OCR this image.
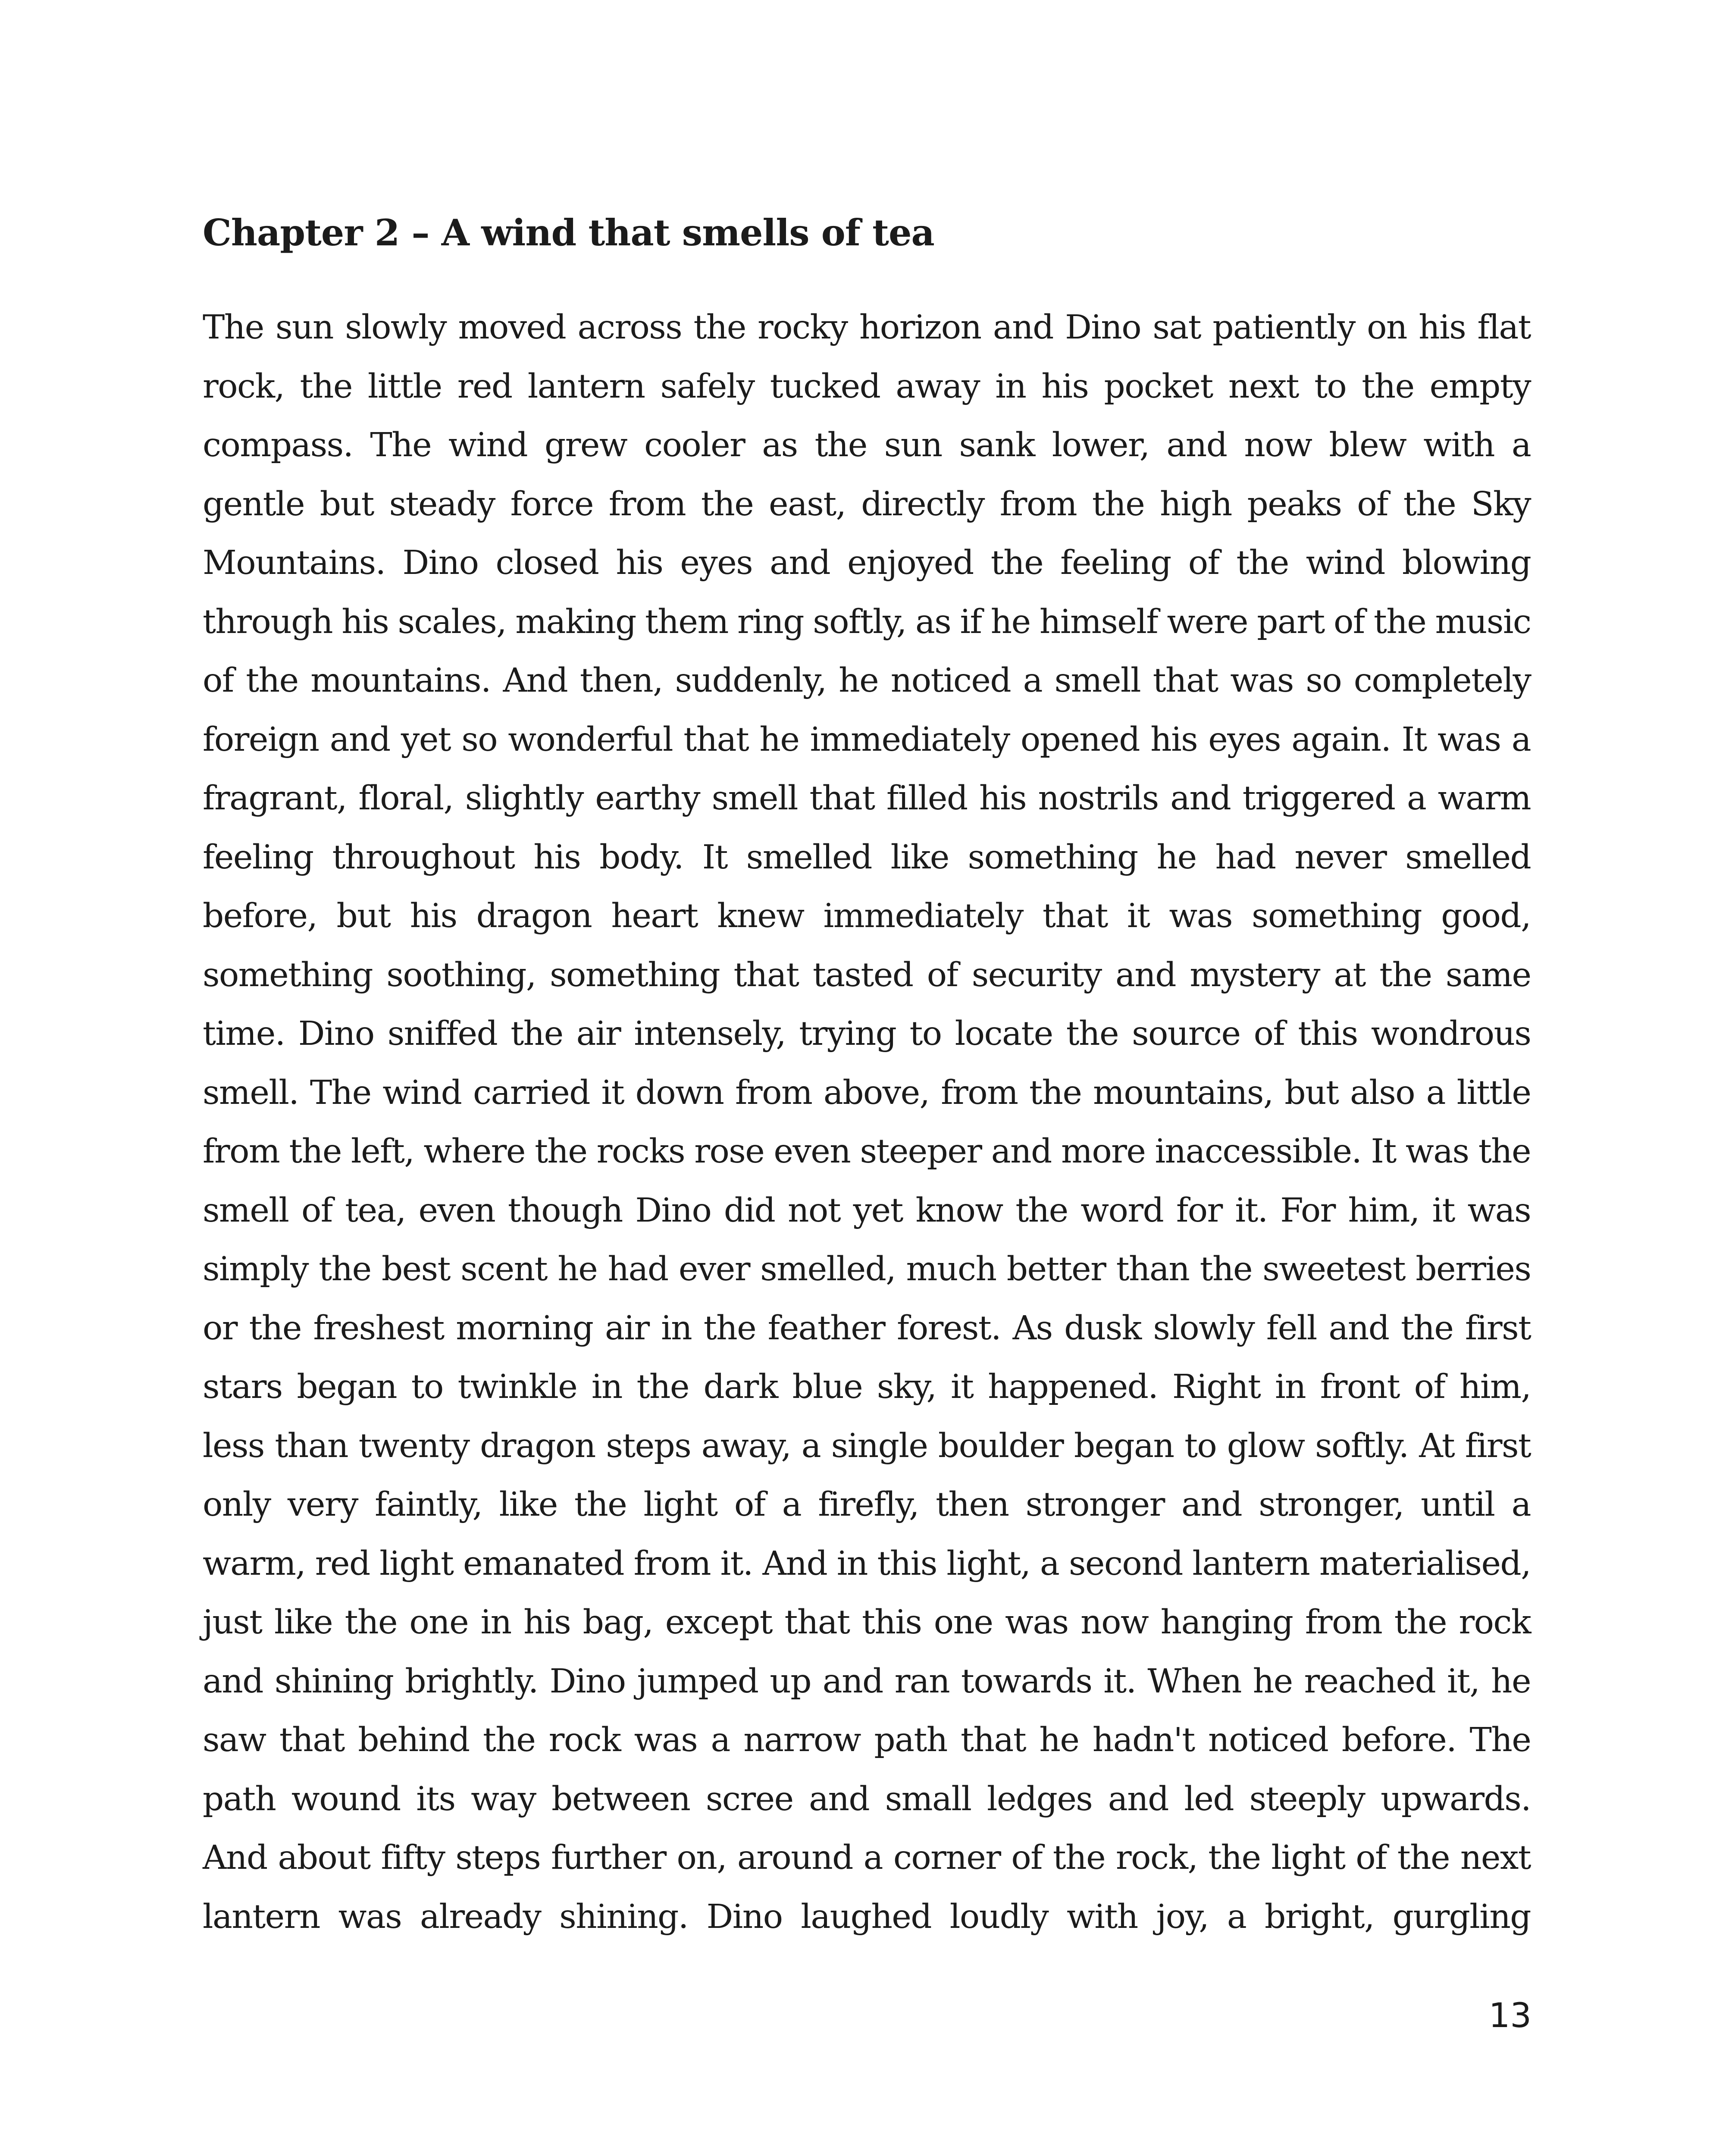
Chapter 2 – A wind that smells of tea
The sun slowly moved across the rocky horizon and Dino sat patiently on his flat
rock, the little red lantern safely tucked away in his pocket next to the empty
compass. The wind grew cooler as the sun sank lower, and now blew with a
gentle but steady force from the east, directly from the high peaks of the Sky
Mountains. Dino closed his eyes and enjoyed the feeling of the wind blowing
through his scales, making them ring softly, as if he himself were part of the music
of the mountains. And then, suddenly, he noticed a smell that was so completely
foreign and yet so wonderful that he immediately opened his eyes again. It was a
fragrant, floral, slightly earthy smell that filled his nostrils and triggered a warm
feeling throughout his body. It smelled like something he had never smelled
before, but his dragon heart knew immediately that it was something good,
something soothing, something that tasted of security and mystery at the same
time. Dino sniffed the air intensely, trying to locate the source of this wondrous
smell. The wind carried it down from above, from the mountains, but also a little
from the left, where the rocks rose even steeper and more inaccessible. It was the
smell of tea, even though Dino did not yet know the word for it. For him, it was
simply the best scent he had ever smelled, much better than the sweetest berries
or the freshest morning air in the feather forest. As dusk slowly fell and the first
stars began to twinkle in the dark blue sky, it happened. Right in front of him,
less than twenty dragon steps away, a single boulder began to glow softly. At first
only very faintly, like the light of a firefly, then stronger and stronger, until a
warm, red light emanated from it. And in this light, a second lantern materialised,
just like the one in his bag, except that this one was now hanging from the rock
and shining brightly. Dino jumped up and ran towards it. When he reached it, he
saw that behind the rock was a narrow path that he hadn't noticed before. The
path wound its way between scree and small ledges and led steeply upwards.
And about fifty steps further on, around a corner of the rock, the light of the next
lantern was already shining. Dino laughed loudly with joy, a bright, gurgling
13
